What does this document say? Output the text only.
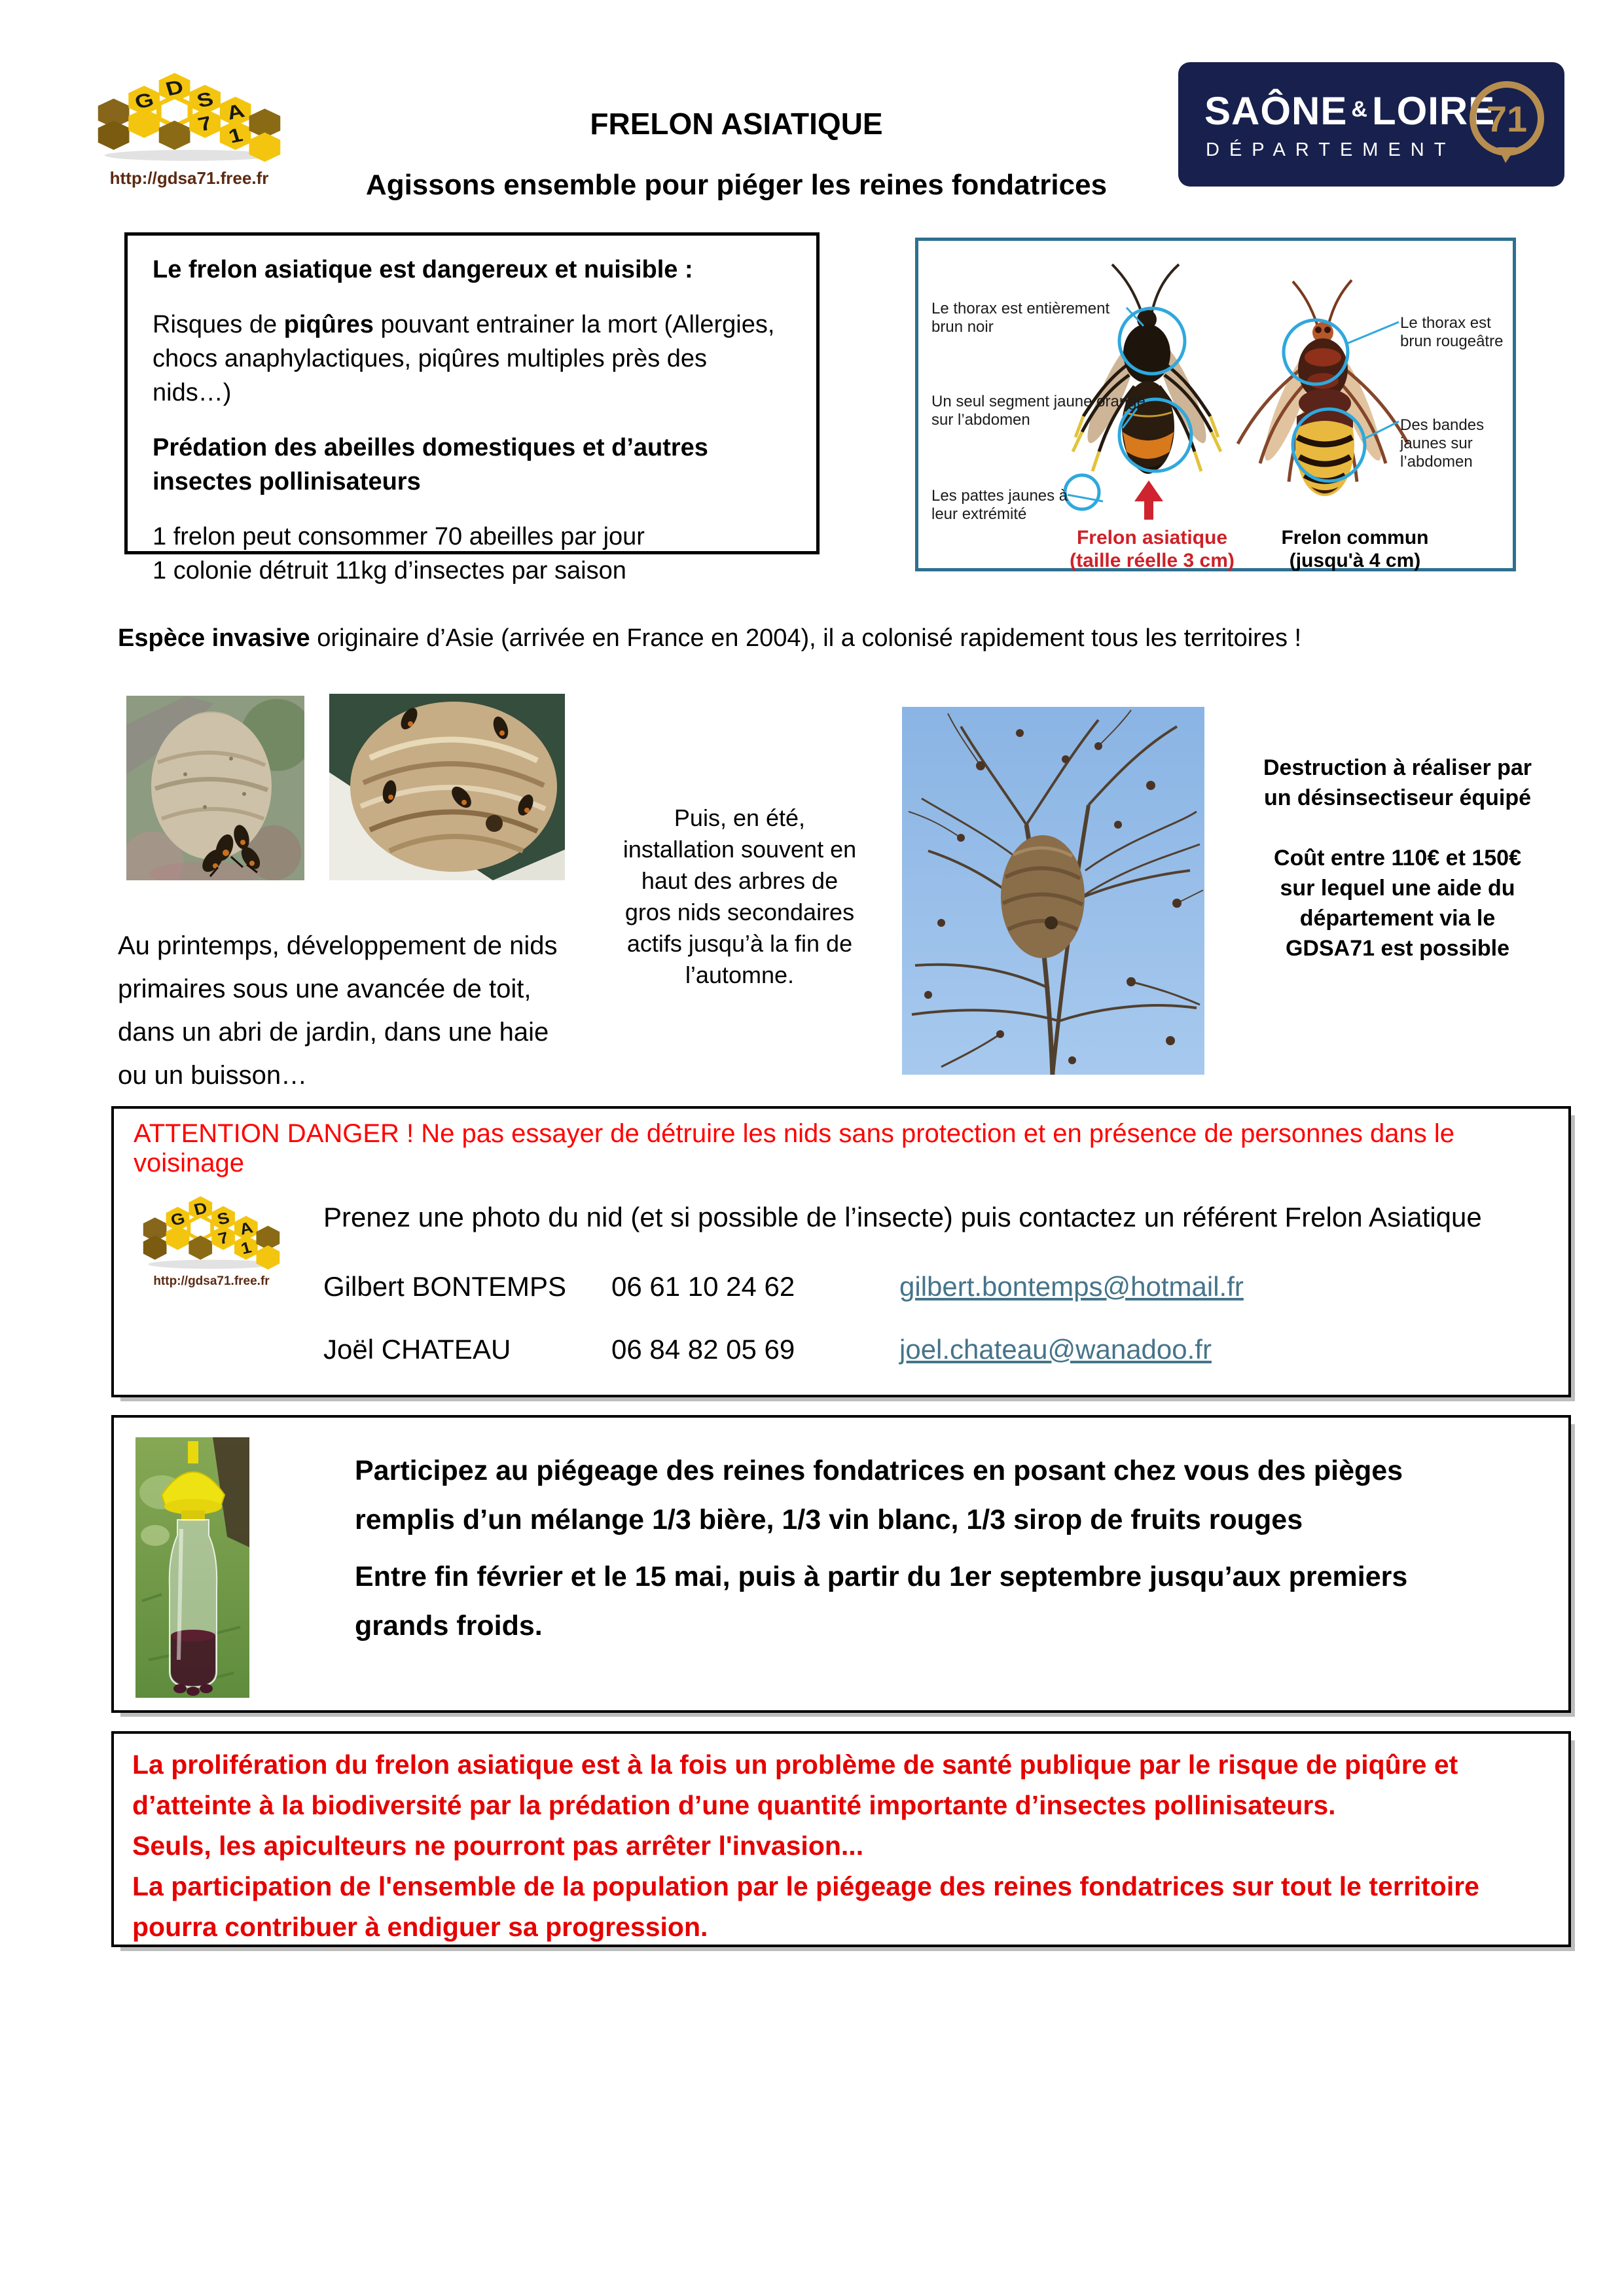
http://gdsa71.free.fr
FRELON ASIATIQUE
Agissons ensemble pour piéger les reines fondatrices
SAÔNE & LOIRE
DÉPARTEMENT
71

Le frelon asiatique est dangereux et nuisible :

Risques de piqûres pouvant entrainer la mort (Allergies, chocs anaphylactiques, piqûres multiples près des nids…)

Prédation des abeilles domestiques et d’autres insectes pollinisateurs

1 frelon peut consommer 70 abeilles par jour
1 colonie détruit 11kg d’insectes par saison

Le thorax est entièrement brun noir
Un seul segment jaune orangé sur l’abdomen
Les pattes jaunes à leur extrémité
Le thorax est brun rougeâtre
Des bandes jaunes sur l’abdomen
Frelon asiatique
(taille réelle 3 cm)
Frelon commun
(jusqu'à 4 cm)

Espèce invasive originaire d’Asie (arrivée en France en 2004), il a colonisé rapidement tous les territoires !

Au printemps, développement de nids primaires sous une avancée de toit, dans un abri de jardin, dans une haie ou un buisson…
Puis, en été,
installation souvent en
haut des arbres de
gros nids secondaires
actifs jusqu’à la fin de
l’automne.
Destruction à réaliser par
un désinsectiseur équipé
Coût entre 110€ et 150€
sur lequel une aide du
département via le
GDSA71 est possible
ATTENTION DANGER ! Ne pas essayer de détruire les nids sans protection et en présence de personnes dans le voisinage
http://gdsa71.free.fr
Prenez une photo du nid (et si possible de l’insecte) puis contactez un référent Frelon Asiatique
Gilbert BONTEMPS	06 61 10 24 62	gilbert.bontemps@hotmail.fr
Joël CHATEAU	06 84 82 05 69	joel.chateau@wanadoo.fr

Participez au piégeage des reines fondatrices en posant chez vous des pièges remplis d’un mélange 1/3 bière, 1/3 vin blanc, 1/3 sirop de fruits rouges

Entre fin février et le 15 mai, puis à partir du 1er septembre jusqu’aux premiers grands froids.

La prolifération du frelon asiatique est à la fois un problème de santé publique par le risque de piqûre et d’atteinte à la biodiversité par la prédation d’une quantité importante d’insectes pollinisateurs.

Seuls, les apiculteurs ne pourront pas arrêter l'invasion...

La participation de l'ensemble de la population par le piégeage des reines fondatrices sur tout le territoire pourra contribuer à endiguer sa progression.
